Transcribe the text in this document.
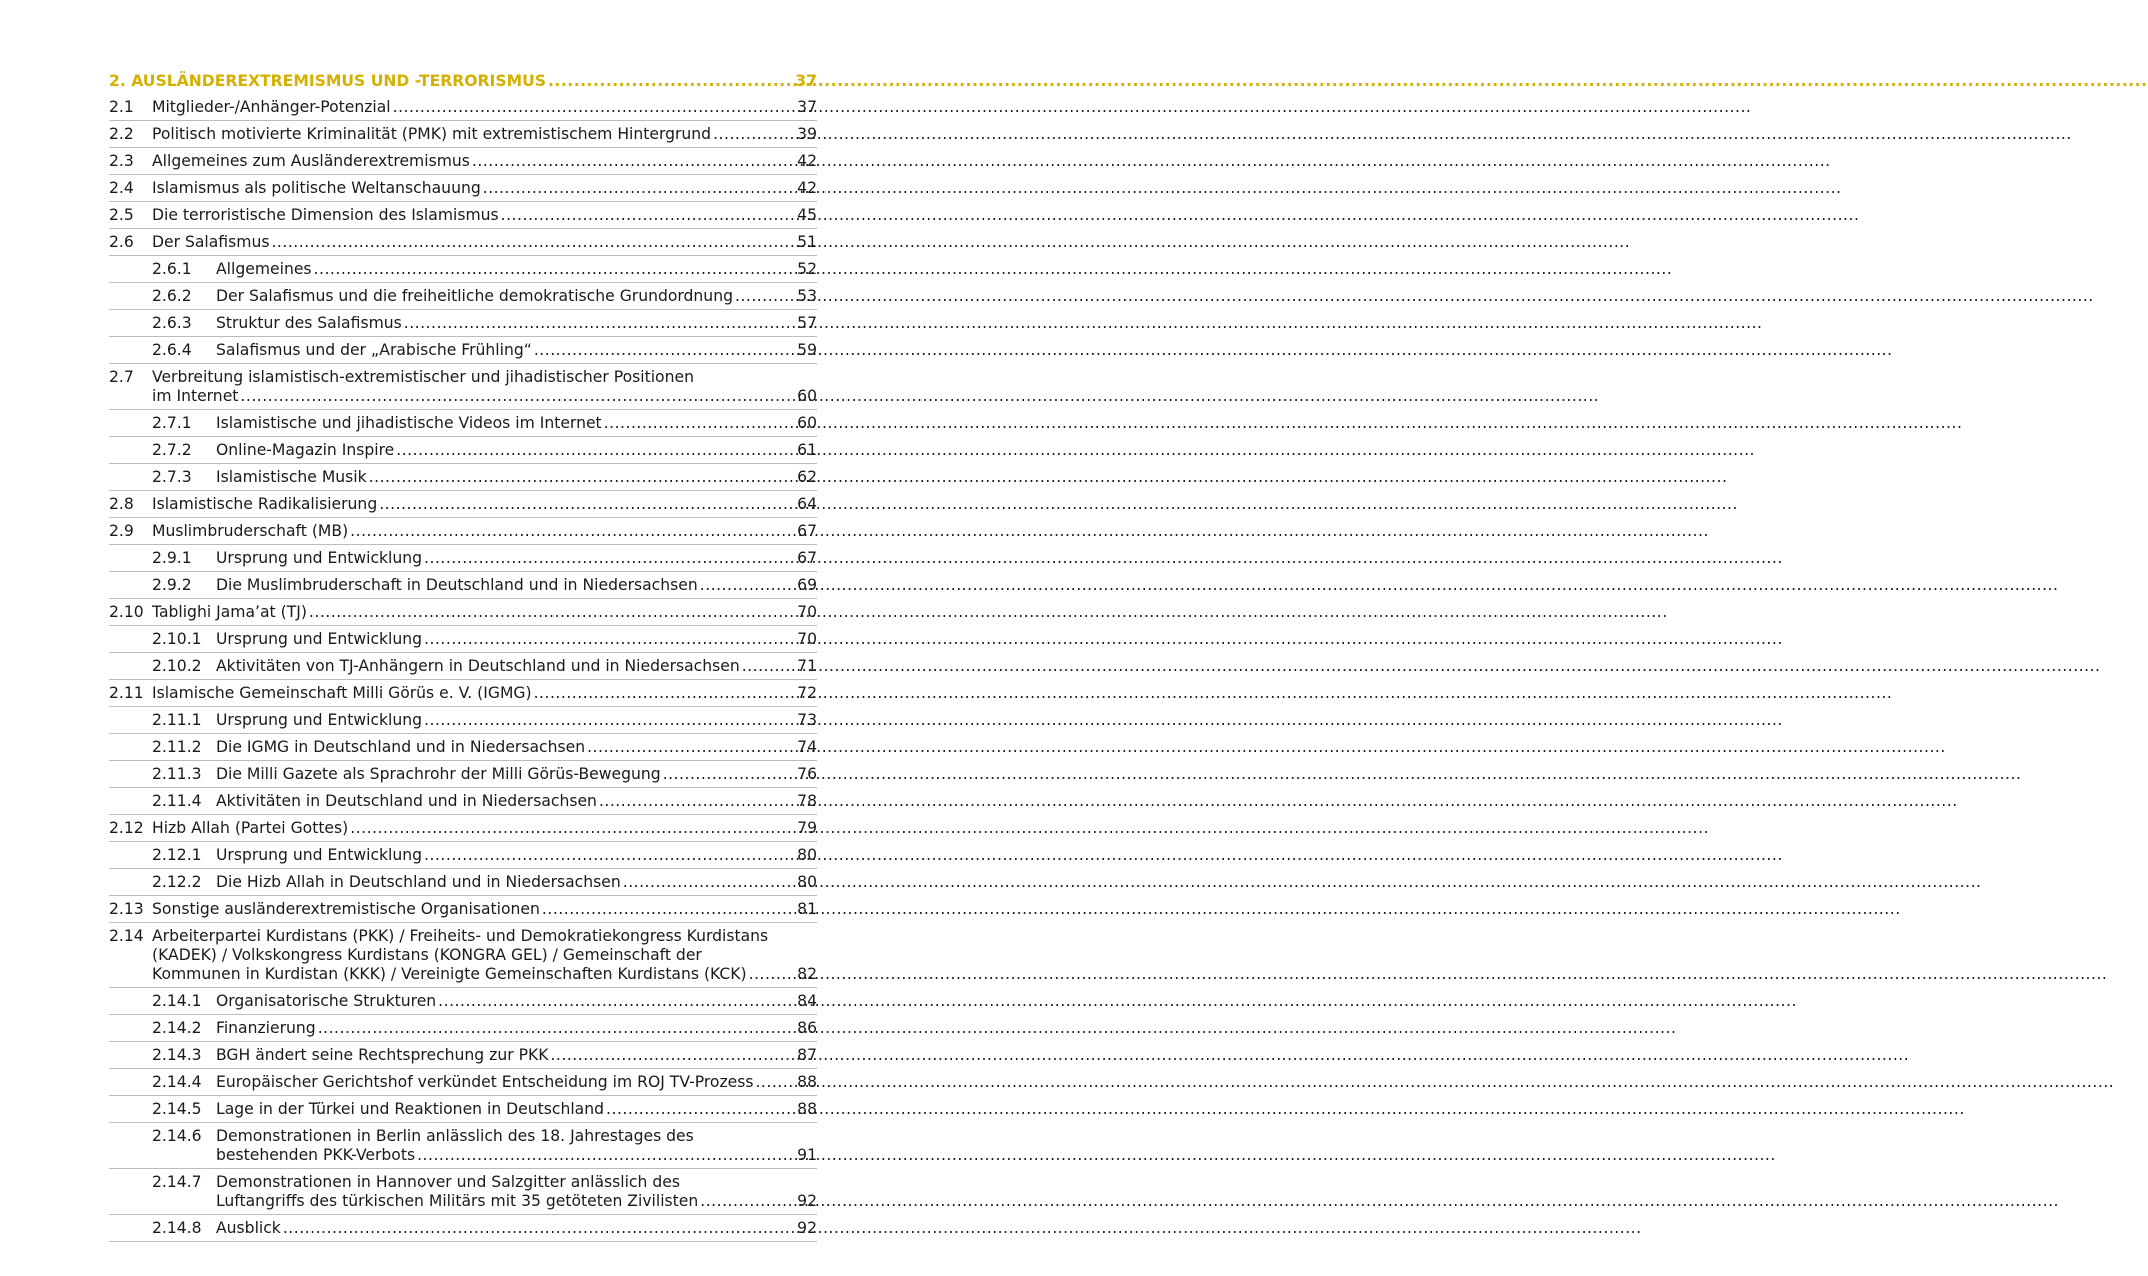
2. AUSLÄNDEREXTREMISMUS UND -TERRORISMUS .....	37
2.1	Mitglieder-/Anhänger-Potenzial .....	37
2.2	Politisch motivierte Kriminalität (PMK) mit extremistischem Hintergrund .....	39
2.3	Allgemeines zum Ausländerextremismus .....	42
2.4	Islamismus als politische Weltanschauung .....	42
2.5	Die terroristische Dimension des Islamismus .....	45
2.6	Der Salafismus .....	51
2.6.1	Allgemeines .....	52
2.6.2	Der Salafismus und die freiheitliche demokratische Grundordnung .....	53
2.6.3	Struktur des Salafismus .....	57
2.6.4	Salafismus und der „Arabische Frühling“ .....	59
2.7	Verbreitung islamistisch-extremistischer und jihadistischer Positionen
im Internet .....	60
2.7.1	Islamistische und jihadistische Videos im Internet .....	60
2.7.2	Online-Magazin Inspire .....	61
2.7.3	Islamistische Musik .....	62
2.8	Islamistische Radikalisierung .....	64
2.9	Muslimbruderschaft (MB) .....	67
2.9.1	Ursprung und Entwicklung .....	67
2.9.2	Die Muslimbruderschaft in Deutschland und in Niedersachsen .....	69
2.10 Tablighi Jama’at (TJ) .....	70
2.10.1 Ursprung und Entwicklung .....	70
2.10.2 Aktivitäten von TJ-Anhängern in Deutschland und in Niedersachsen .....	71
2.11 Islamische Gemeinschaft Milli Görüs e. V. (IGMG) .....	72
2.11.1 Ursprung und Entwicklung .....	73
2.11.2 Die IGMG in Deutschland und in Niedersachsen .....	74
2.11.3 Die Milli Gazete als Sprachrohr der Milli Görüs-Bewegung .....	76
2.11.4 Aktivitäten in Deutschland und in Niedersachsen .....	78
2.12 Hizb Allah (Partei Gottes) .....	79
2.12.1 Ursprung und Entwicklung .....	80
2.12.2 Die Hizb Allah in Deutschland und in Niedersachsen .....	80
2.13 Sonstige ausländerextremistische Organisationen .....	81
2.14 Arbeiterpartei Kurdistans (PKK) / Freiheits- und Demokratiekongress Kurdistans
(KADEK) / Volkskongress Kurdistans (KONGRA GEL) / Gemeinschaft der
Kommunen in Kurdistan (KKK) / Vereinigte Gemeinschaften Kurdistans (KCK) .....	82
2.14.1 Organisatorische Strukturen .....	84
2.14.2 Finanzierung .....	86
2.14.3 BGH ändert seine Rechtsprechung zur PKK .....	87
2.14.4 Europäischer Gerichtshof verkündet Entscheidung im ROJ TV-Prozess .....	88
2.14.5 Lage in der Türkei und Reaktionen in Deutschland .....	88
2.14.6 Demonstrationen in Berlin anlässlich des 18. Jahrestages des
bestehenden PKK-Verbots .....	91
2.14.7 Demonstrationen in Hannover und Salzgitter anlässlich des
Luftangriffs des türkischen Militärs mit 35 getöteten Zivilisten .....	92
2.14.8 Ausblick .....	92
